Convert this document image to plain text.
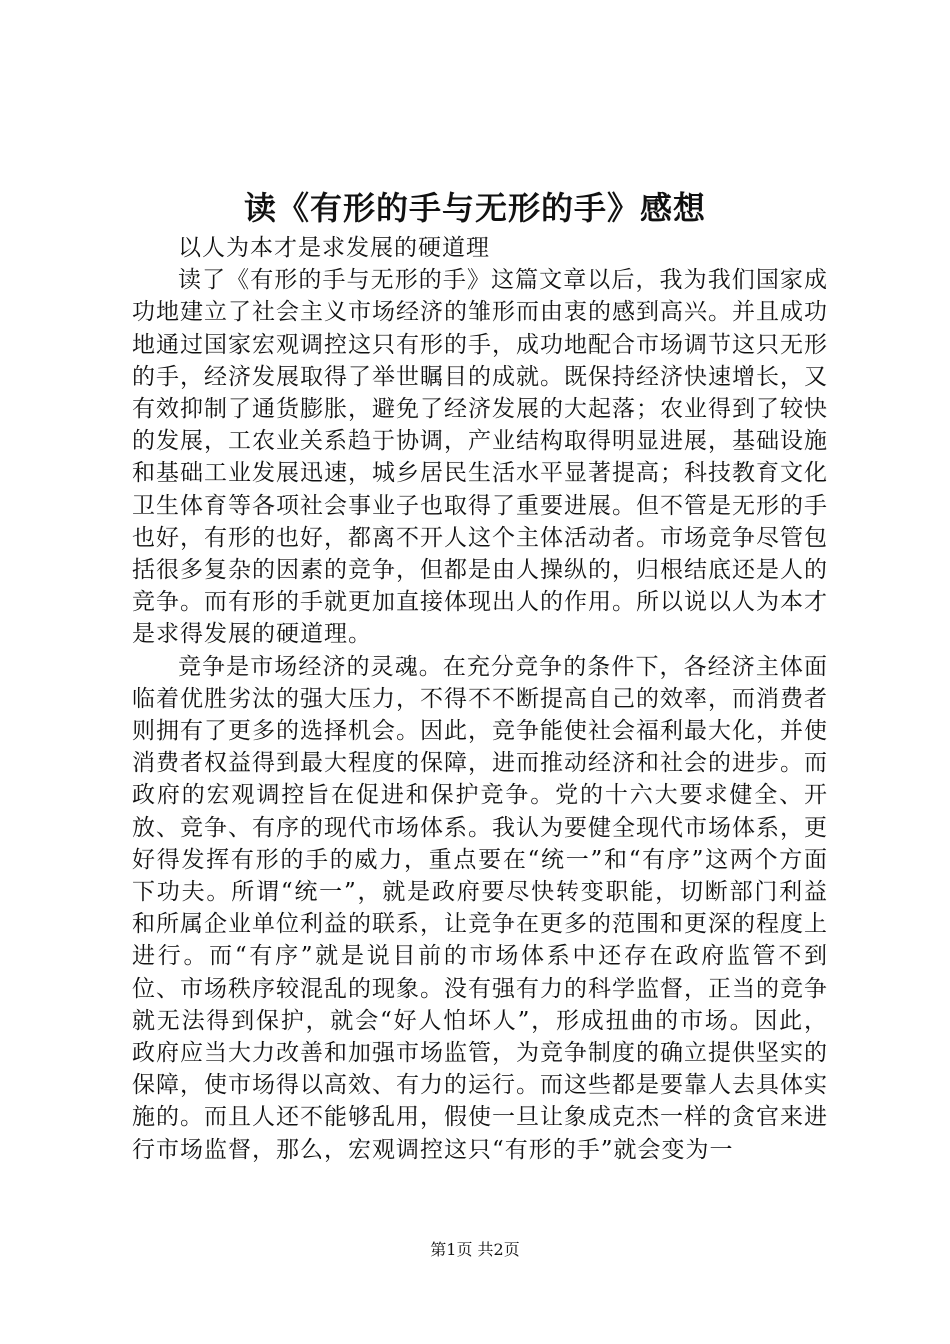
读《有形的手与无形的手》感想

以人为本才是求发展的硬道理

读了《有形的手与无形的手》这篇文章以后，我为我们国家成功地建立了社会主义市场经济的雏形而由衷的感到高兴。并且成功地通过国家宏观调控这只有形的手，成功地配合市场调节这只无形的手，经济发展取得了举世瞩目的成就。既保持经济快速增长，又有效抑制了通货膨胀，避免了经济发展的大起落；农业得到了较快的发展，工农业关系趋于协调，产业结构取得明显进展，基础设施和基础工业发展迅速，城乡居民生活水平显著提高；科技教育文化卫生体育等各项社会事业子也取得了重要进展。但不管是无形的手也好，有形的也好，都离不开人这个主体活动者。市场竞争尽管包括很多复杂的因素的竞争，但都是由人操纵的，归根结底还是人的竞争。而有形的手就更加直接体现出人的作用。所以说以人为本才是求得发展的硬道理。

竞争是市场经济的灵魂。在充分竞争的条件下，各经济主体面临着优胜劣汰的强大压力，不得不不断提高自己的效率，而消费者则拥有了更多的选择机会。因此，竞争能使社会福利最大化，并使消费者权益得到最大程度的保障，进而推动经济和社会的进步。而政府的宏观调控旨在促进和保护竞争。党的十六大要求健全、开放、竞争、有序的现代市场体系。我认为要健全现代市场体系，更好得发挥有形的手的威力，重点要在“统一”和“有序”这两个方面下功夫。所谓“统一”，就是政府要尽快转变职能，切断部门利益和所属企业单位利益的联系，让竞争在更多的范围和更深的程度上进行。而“有序”就是说目前的市场体系中还存在政府监管不到位、市场秩序较混乱的现象。没有强有力的科学监督，正当的竞争就无法得到保护，就会“好人怕坏人”，形成扭曲的市场。因此，政府应当大力改善和加强市场监管，为竞争制度的确立提供坚实的保障，使市场得以高效、有力的运行。而这些都是要靠人去具体实施的。而且人还不能够乱用，假使一旦让象成克杰一样的贪官来进行市场监督，那么，宏观调控这只“有形的手”就会变为一

第1页 共2页
